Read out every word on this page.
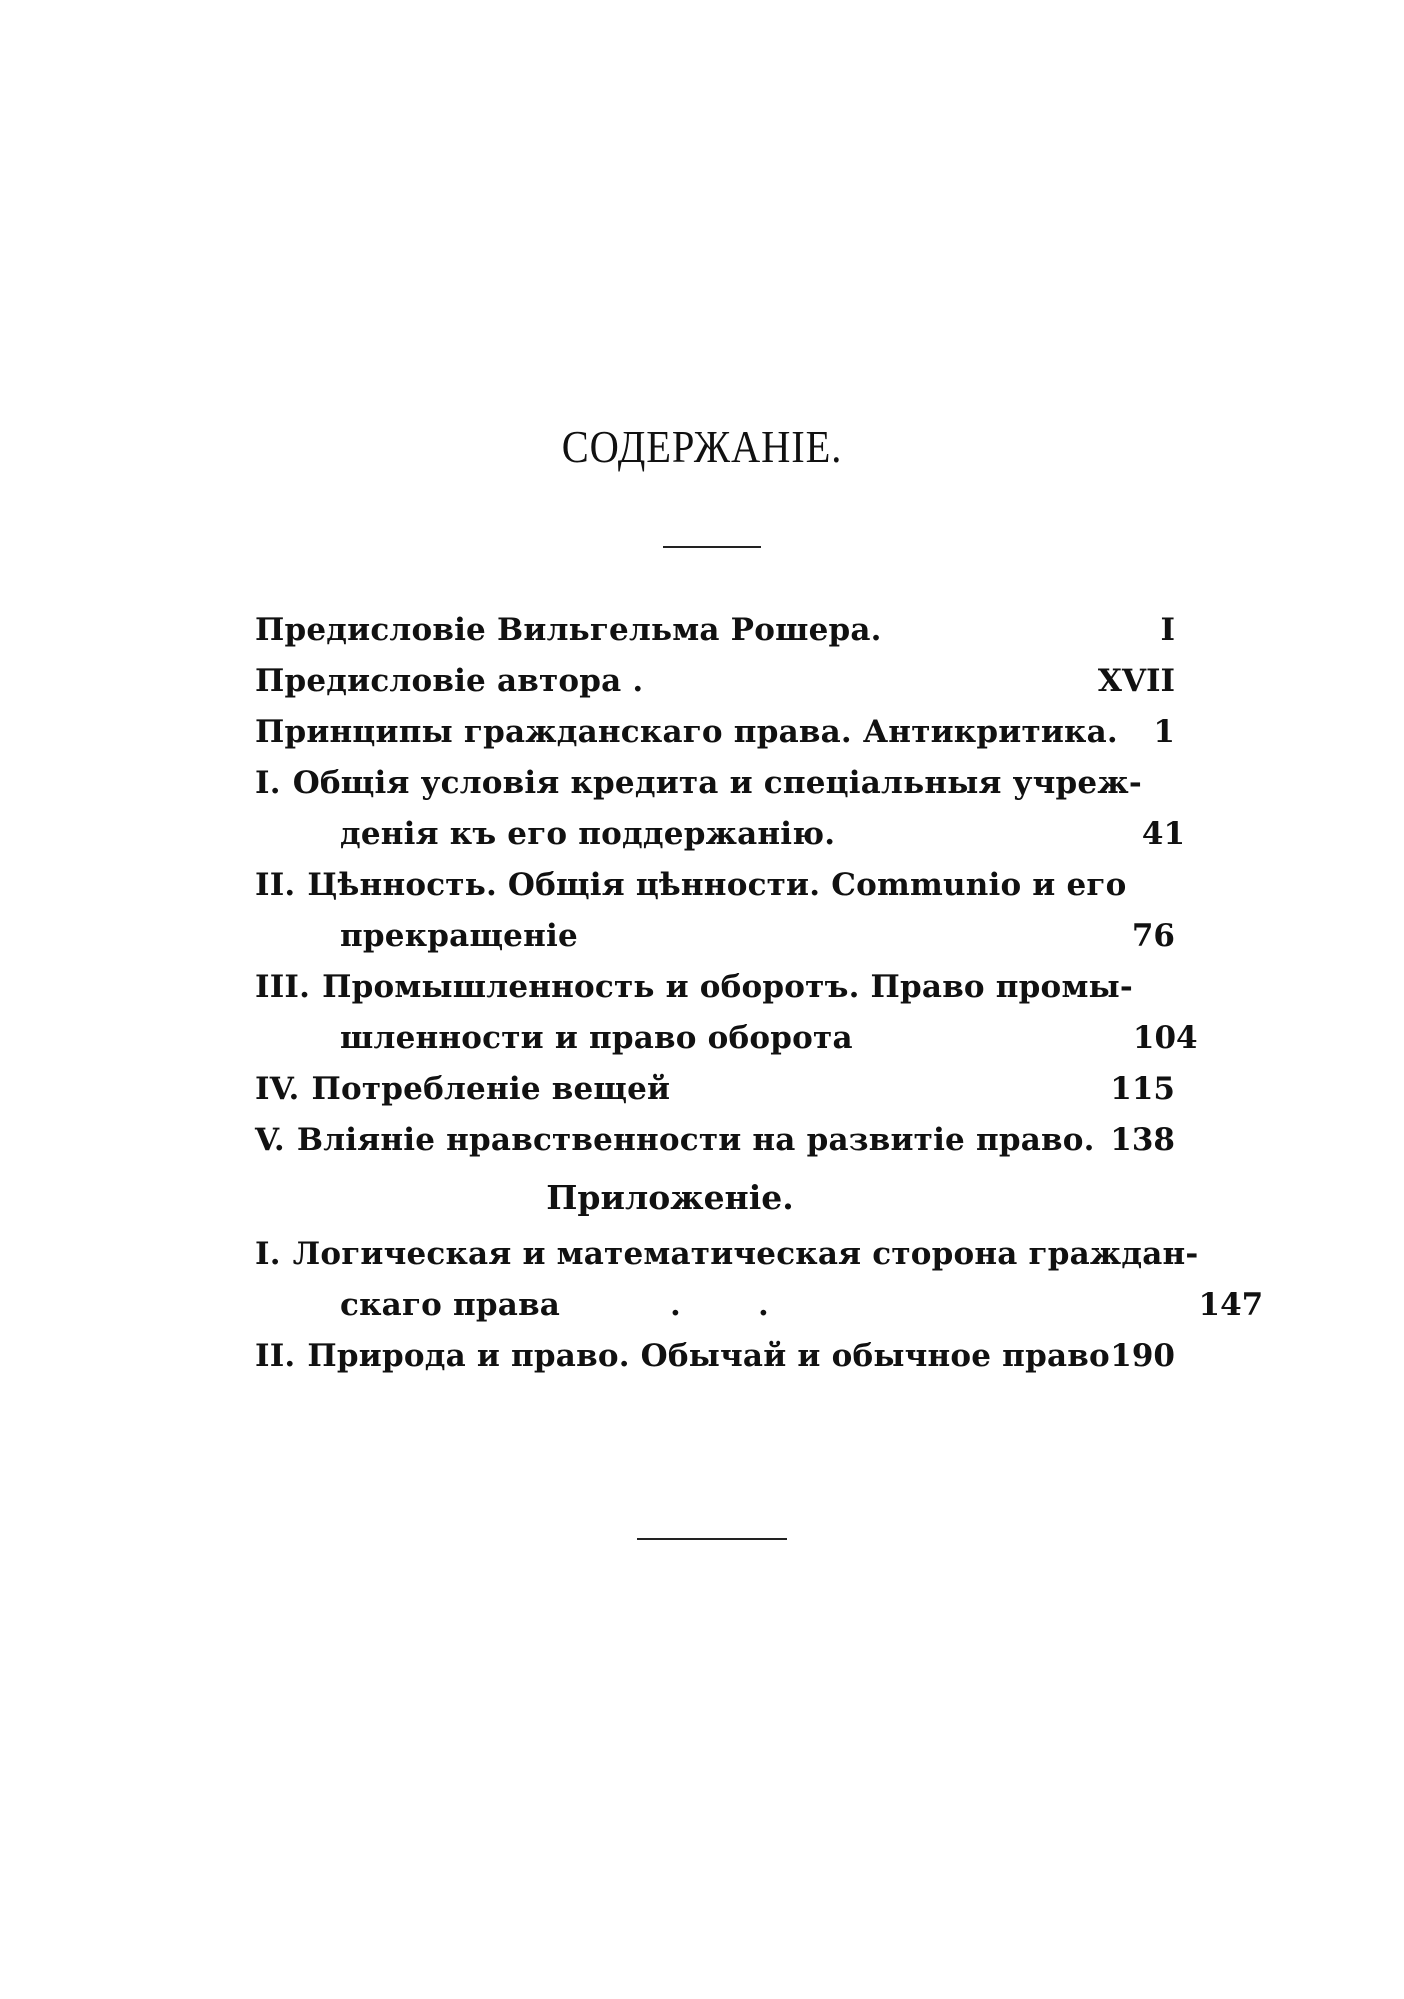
СОДЕРЖАНІЕ.
Предисловіе Вильгельма Рошера.	I
Предисловіе автора .	XVII
Принципы гражданскаго права. Антикритика.	1
I. Общія условія кредита и спеціальныя учреж-
денія къ его поддержанію.	41
II. Цѣнность. Общія цѣнности. Communio и его
прекращеніе	76
III. Промышленность и оборотъ. Право промы-
шленности и право оборота	104
IV. Потребленіе вещей	115
V. Вліяніе нравственности на развитіе право. 138
Приложеніе.
I. Логическая и математическая сторона граждан-
скаго права          .       .	147
II. Природа и право. Обычай и обычное право 190
